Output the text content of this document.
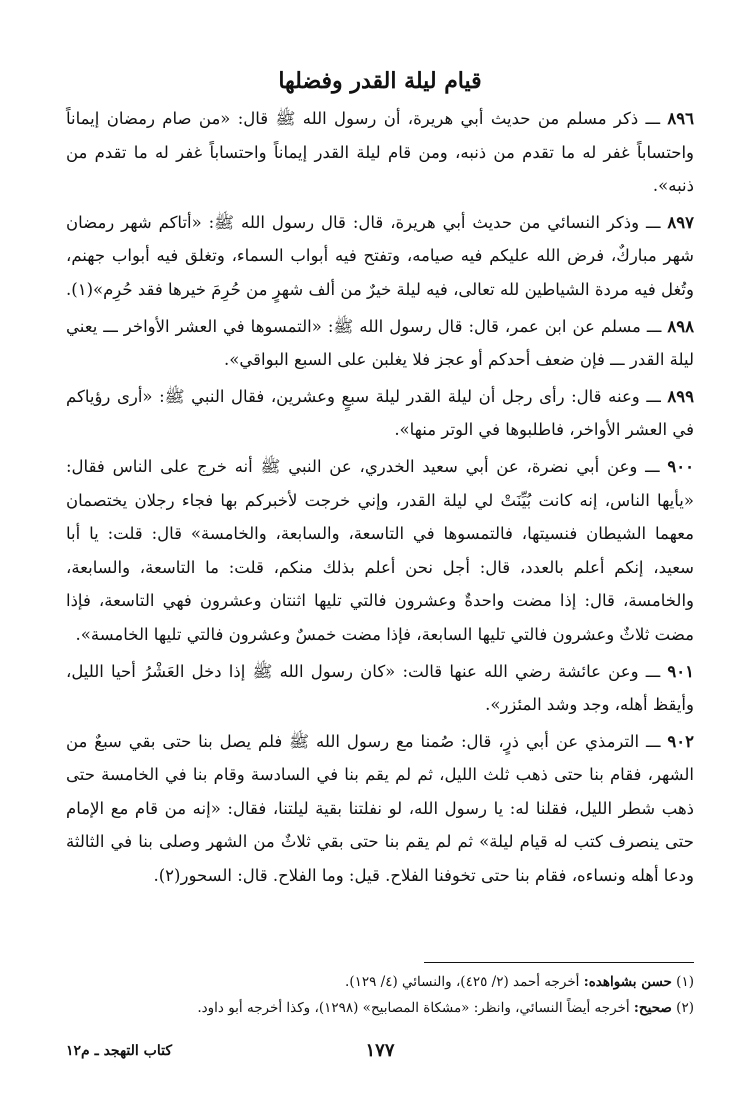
قيام ليلة القدر وفضلها

٨٩٦ ـــ ذكر مسلم من حديث أبي هريرة، أن رسول الله ﷺ قال: «من صام رمضان إيماناً واحتساباً غفر له ما تقدم من ذنبه، ومن قام ليلة القدر إيماناً واحتساباً غفر له ما تقدم من ذنبه».

٨٩٧ ـــ وذكر النسائي من حديث أبي هريرة، قال: قال رسول الله ﷺ: «أتاكم شهر رمضان شهر مباركٌ، فرض الله عليكم فيه صيامه، وتفتح فيه أبواب السماء، وتغلق فيه أبواب جهنم، وتُغل فيه مردة الشياطين لله تعالى، فيه ليلة خيرٌ من ألف شهرٍ من حُرِمَ خيرها فقد حُرِم»(١).

٨٩٨ ـــ مسلم عن ابن عمر، قال: قال رسول الله ﷺ: «التمسوها في العشر الأواخر ـــ يعني ليلة القدر ـــ فإن ضعف أحدكم أو عجز فلا يغلبن على السبع البواقي».

٨٩٩ ـــ وعنه قال: رأى رجل أن ليلة القدر ليلة سبعٍ وعشرين، فقال النبي ﷺ: «أرى رؤياكم في العشر الأواخر، فاطلبوها في الوتر منها».

٩٠٠ ـــ وعن أبي نضرة، عن أبي سعيد الخدري، عن النبي ﷺ أنه خرج على الناس فقال: «يأيها الناس، إنه كانت بُيِّنَتْ لي ليلة القدر، وإني خرجت لأخبركم بها فجاء رجلان يختصمان معهما الشيطان فنسيتها، فالتمسوها في التاسعة، والسابعة، والخامسة» قال: قلت: يا أبا سعيد، إنكم أعلم بالعدد، قال: أجل نحن أعلم بذلك منكم، قلت: ما التاسعة، والسابعة، والخامسة، قال: إذا مضت واحدةٌ وعشرون فالتي تليها اثنتان وعشرون فهي التاسعة، فإذا مضت ثلاثٌ وعشرون فالتي تليها السابعة، فإذا مضت خمسٌ وعشرون فالتي تليها الخامسة».

٩٠١ ـــ وعن عائشة رضي الله عنها قالت: «كان رسول الله ﷺ إذا دخل العَشْرُ أحيا الليل، وأيقظ أهله، وجد وشد المئزر».

٩٠٢ ـــ الترمذي عن أبي ذرٍ، قال: صُمنا مع رسول الله ﷺ فلم يصل بنا حتى بقي سبعٌ من الشهر، فقام بنا حتى ذهب ثلث الليل، ثم لم يقم بنا في السادسة وقام بنا في الخامسة حتى ذهب شطر الليل، فقلنا له: يا رسول الله، لو نفلتنا بقية ليلتنا، فقال: «إنه من قام مع الإمام حتى ينصرف كتب له قيام ليلة» ثم لم يقم بنا حتى بقي ثلاثٌ من الشهر وصلى بنا في الثالثة ودعا أهله ونساءه، فقام بنا حتى تخوفنا الفلاح. قيل: وما الفلاح. قال: السحور(٢).

(١) حسن بشواهده: أخرجه أحمد (٢/ ٤٢٥)، والنسائي (٤/ ١٢٩).

(٢) صحيح: أخرجه أيضاً النسائي، وانظر: «مشكاة المصابيح» (١٢٩٨)، وكذا أخرجه أبو داود.

١٧٧
كتاب التهجد ـ م١٢
